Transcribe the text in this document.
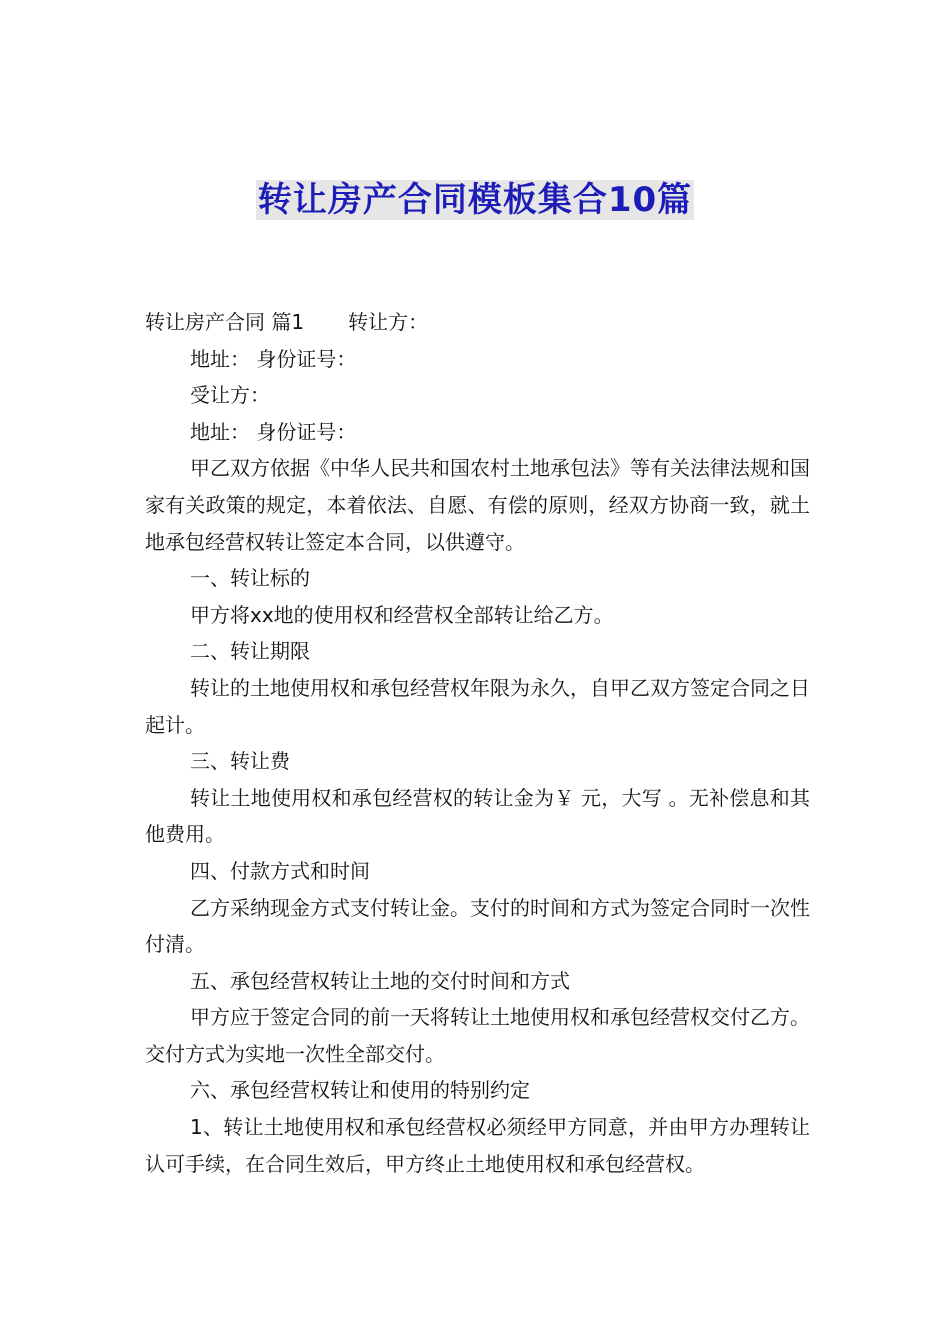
转让房产合同模板集合10篇

转让房产合同 篇1 转让方：

地址： 身份证号：

受让方：

地址： 身份证号：

甲乙双方依据《中华人民共和国农村土地承包法》等有关法律法规和国家有关政策的规定，本着依法、自愿、有偿的原则，经双方协商一致，就土地承包经营权转让签定本合同，以供遵守。

一、转让标的

甲方将xx地的使用权和经营权全部转让给乙方。

二、转让期限

转让的土地使用权和承包经营权年限为永久，自甲乙双方签定合同之日起计。

三、转让费

转让土地使用权和承包经营权的转让金为￥ 元，大写 。无补偿息和其他费用。

四、付款方式和时间

乙方采纳现金方式支付转让金。支付的时间和方式为签定合同时一次性付清。

五、承包经营权转让土地的交付时间和方式

甲方应于签定合同的前一天将转让土地使用权和承包经营权交付乙方。交付方式为实地一次性全部交付。

六、承包经营权转让和使用的特别约定

1、转让土地使用权和承包经营权必须经甲方同意，并由甲方办理转让认可手续，在合同生效后，甲方终止土地使用权和承包经营权。
